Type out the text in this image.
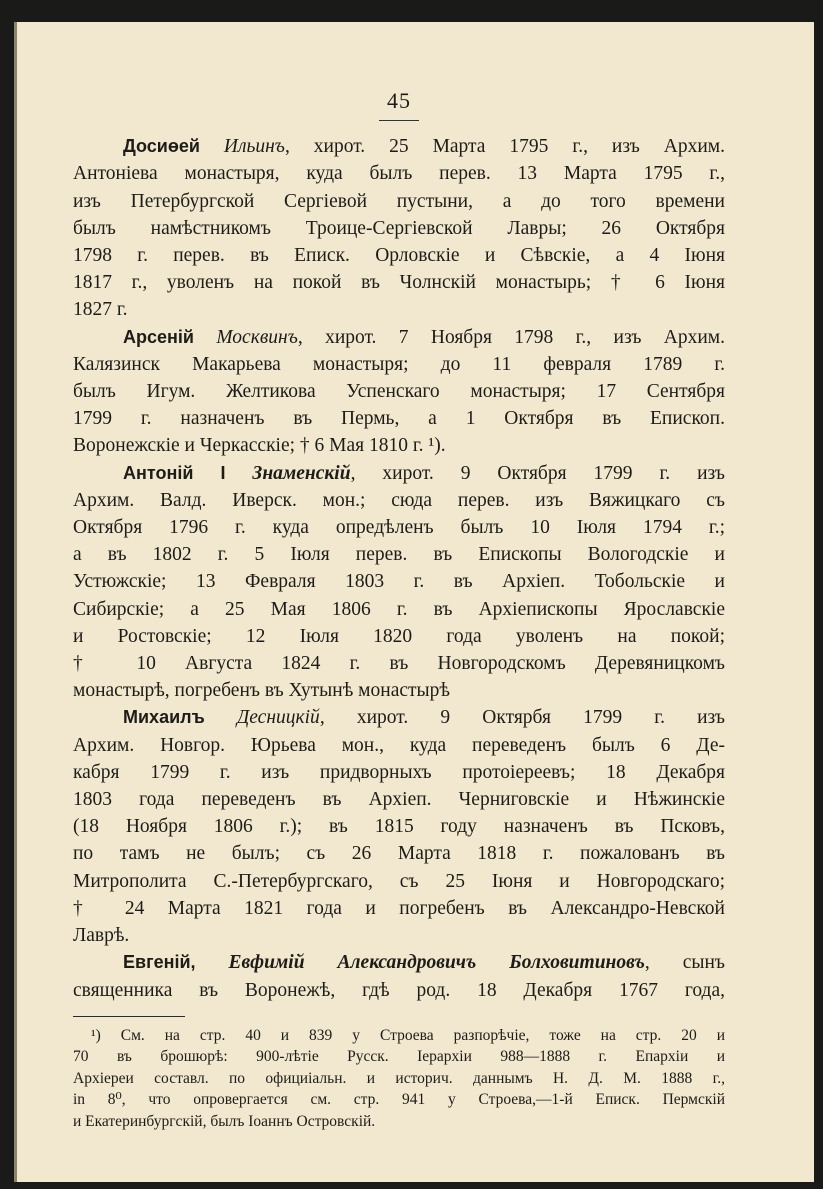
45
Досиөей Ильинъ, хирот. 25 Марта 1795 г., изъ Архим.
Антоніева монастыря, куда былъ перев. 13 Марта 1795 г.,
изъ Петербургской Сергіевой пустыни, а до того времени
былъ намѣстникомъ Троице-Сергіевской Лавры; 26 Октября
1798 г. перев. въ Еписк. Орловскіе и Сѣвскіе, а 4 Іюня
1817 г., уволенъ на покой въ Чолнскій монастырь; † 6 Іюня
1827 г.
Арсеній Москвинъ, хирот. 7 Ноября 1798 г., изъ Архим.
Калязинск Макарьева монастыря; до 11 февраля 1789 г.
былъ Игум. Желтикова Успенскаго монастыря; 17 Сентября
1799 г. назначенъ въ Пермь, а 1 Октября въ Епископ.
Воронежскіе и Черкасскіе; † 6 Мая 1810 г. ¹).
Антоній I Знаменскій, хирот. 9 Октября 1799 г. изъ
Архим. Валд. Иверск. мон.; сюда перев. изъ Вяжицкаго съ
Октября 1796 г. куда опредѣленъ былъ 10 Іюля 1794 г.;
а въ 1802 г. 5 Іюля перев. въ Епископы Вологодскіе и
Устюжскіе; 13 Февраля 1803 г. въ Архіеп. Тобольскіе и
Сибирскіе; а 25 Мая 1806 г. въ Архіепископы Ярославскіе
и Ростовскіе; 12 Іюля 1820 года уволенъ на покой;
† 10 Августа 1824 г. въ Новгородскомъ Деревяницкомъ
монастырѣ, погребенъ въ Хутынѣ монастырѣ
Михаилъ Десницкій, хирот. 9 Октярбя 1799 г. изъ
Архим. Новгор. Юрьева мон., куда переведенъ былъ 6 Де-
кабря 1799 г. изъ придворныхъ протоіереевъ; 18 Декабря
1803 года переведенъ въ Архіеп. Черниговскіе и Нѣжинскіе
(18 Ноября 1806 г.); въ 1815 году назначенъ въ Псковъ,
по тамъ не былъ; съ 26 Марта 1818 г. пожалованъ въ
Митрополита С.-Петербургскаго, съ 25 Іюня и Новгородскаго;
† 24 Марта 1821 года и погребенъ въ Александро-Невской
Лаврѣ.
Евгеній, Евфимій Александровичъ Болховитиновъ, сынъ
священника въ Воронежѣ, гдѣ род. 18 Декабря 1767 года,
¹) См. на стр. 40 и 839 у Строева разпорѣчіе, тоже на стр. 20 и
70 въ брошюрѣ: 900-лѣтіе Русск. Іерархіи 988—1888 г. Епархіи и
Архіереи составл. по официіальн. и историч. даннымъ Н. Д. М. 1888 г.,
in 8⁰, что опровергается см. стр. 941 у Строева,—1-й Еписк. Пермскій
и Екатеринбургскій, былъ Іоаннъ Островскій.
